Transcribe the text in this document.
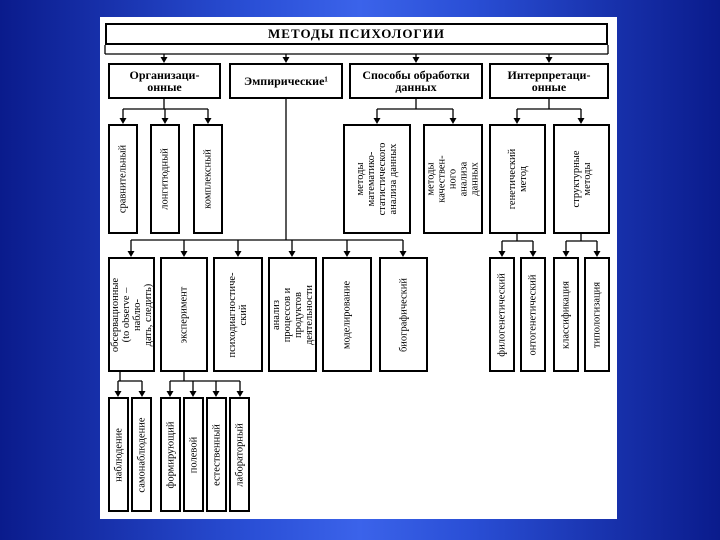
МЕТОДЫ ПСИХОЛОГИИ
Организаци-
онные	Эмпирические¹	Способы обработки
данных
Интерпретаци-
онные
сравнительный	лонгитюдный	комплексный	методы математико-
статистического
анализа данных
методы качествен-
ного анализа
данных генетический
метод	структурные
методы
обсервационные
(to observe – наблю-
дать, следить) эксперимент	психодиагностиче-
ский анализ процессов и
продуктов
деятельности	моделирование	биографический	филогенетический онтогенетический классификация типологизация
наблюдение самонаблюдение формирующий полевой естественный лабораторный
